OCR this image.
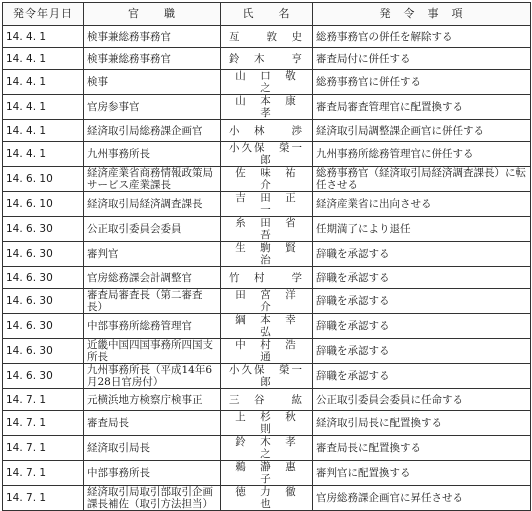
発令年月日	官　　職	氏　　名	発　令　事　項
14. 4. 1	検事兼総務事務官	亙　　敦　史	総務事務官の併任を解除する
14. 4. 1	検事兼総務事務官	鈴　木　　亨	審査局付に併任する
14. 4. 1	検事	山　口　敬　之	総務事務官に併任する
14. 4. 1	官房参事官	山　本　康　孝	審査局審査管理官に配置換する
14. 4. 1	経済取引局総務課企画官	小　林　　渉	経済取引局調整課企画官に併任する
14. 4. 1	九州事務所長	小久保　榮一郎	九州事務所総務管理官に併任する
14. 6. 10	経済産業省商務情報政策局サービス産業課長	佐　味　祐　介	総務事務官（経済取引局経済調査課長）に転任させる
14. 6. 10	経済取引局経済調査課長	吉　田　正　一	経済産業省に出向させる
14. 6. 30	公正取引委員会委員	糸　田　省　吾	任期満了により退任
14. 6. 30	審判官	生　駒　賢　治	辞職を承認する
14. 6. 30	官房総務課会計調整官	竹　村　　学	辞職を承認する
14. 6. 30	審査局審査長（第二審査長）	田　宮　洋　介	辞職を承認する
14. 6. 30	中部事務所総務管理官	綱　本　幸　弘	辞職を承認する
14. 6. 30	近畿中国四国事務所四国支所長	中　村　浩　通	辞職を承認する
14. 6. 30	九州事務所長（平成14年6月28日官房付）	小久保　榮一郎	辞職を承認する
14. 7. 1	元横浜地方検察庁検事正	三　谷　　紘	公正取引委員会委員に任命する
14. 7. 1	審査局長	上　杉　秋　則	経済取引局長に配置換する
14. 7. 1	経済取引局長	鈴　木　孝　之	審査局長に配置換する
14. 7. 1	中部事務所長	鵜　瀞　惠　子	審判官に配置換する
14. 7. 1	経済取引局取引部取引企画課長補佐（取引方法担当）	徳　力　徹　也	官房総務課企画官に昇任させる
